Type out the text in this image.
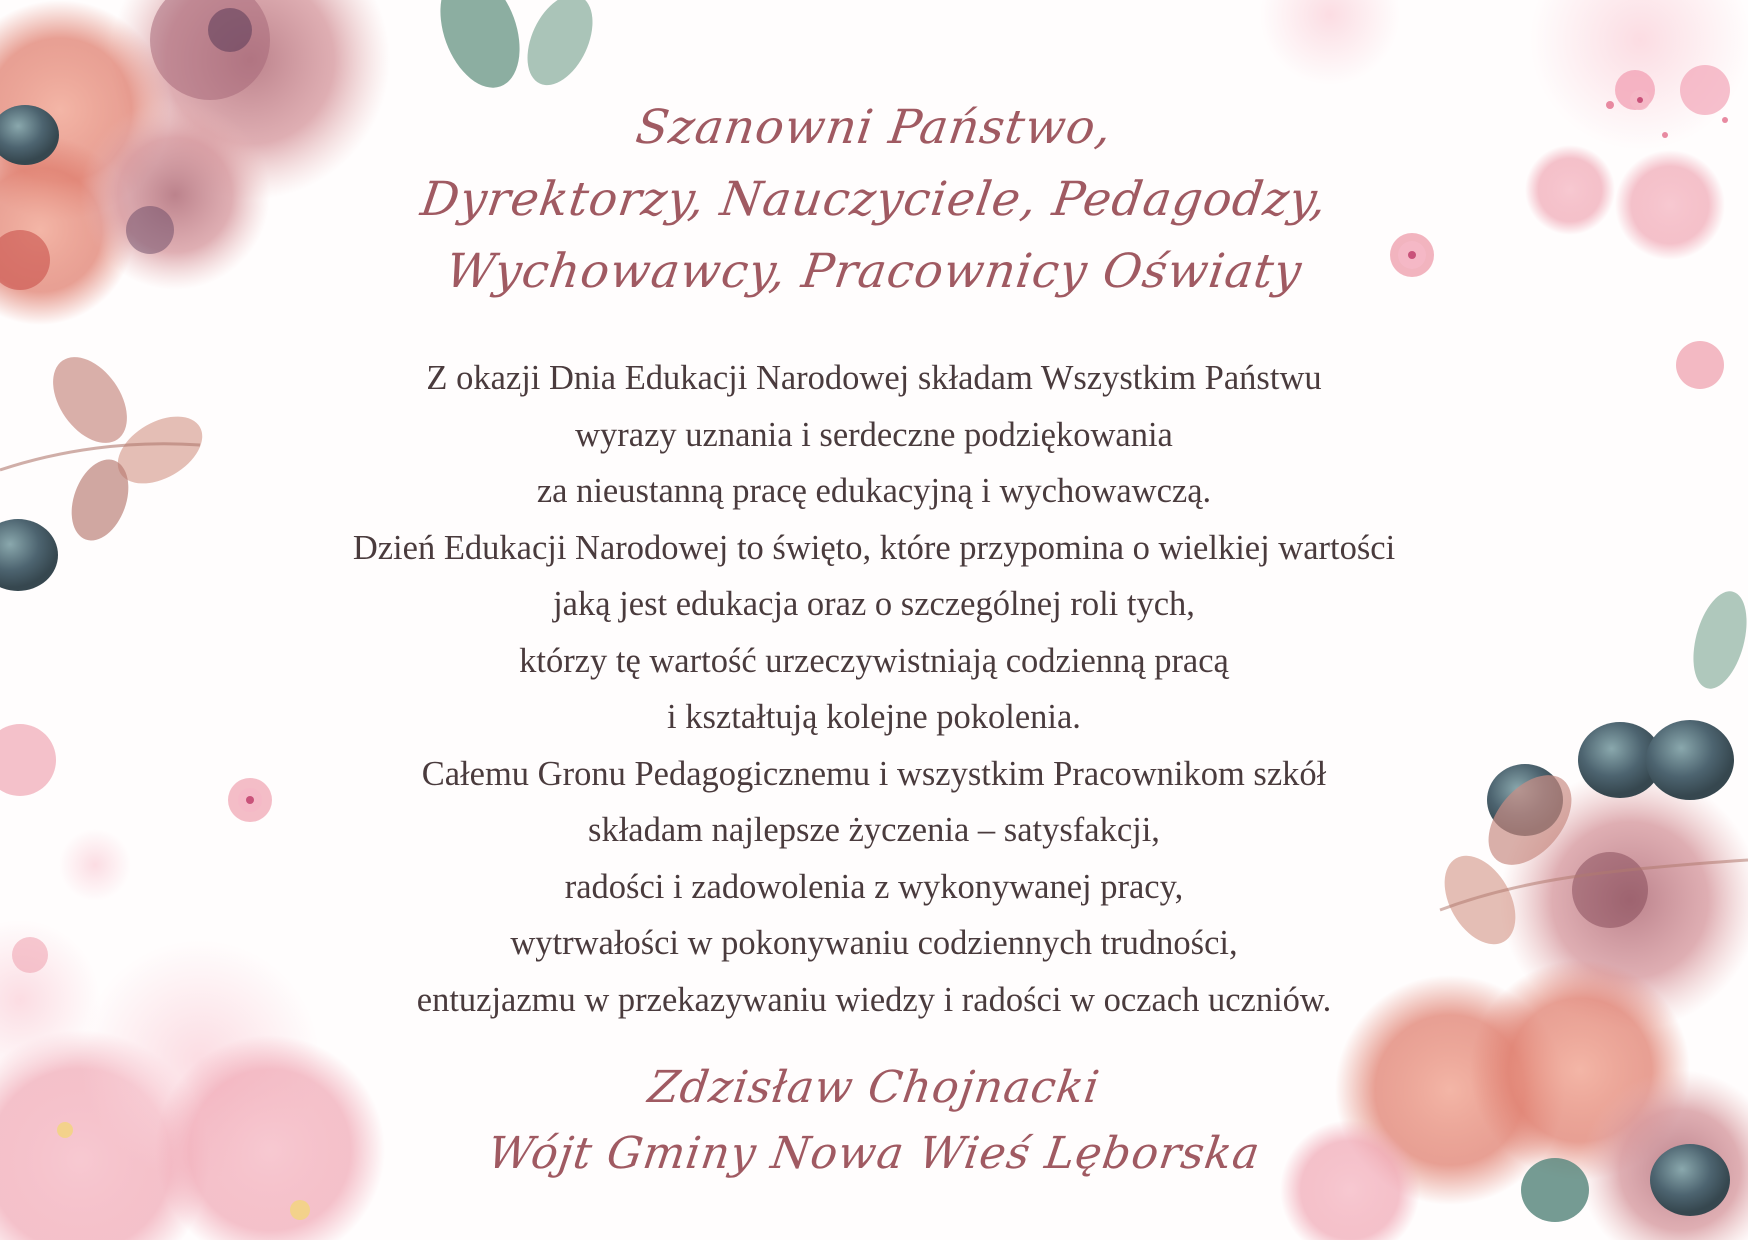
Szanowni Państwo,
Dyrektorzy, Nauczyciele, Pedagodzy,
Wychowawcy, Pracownicy Oświaty
Z okazji Dnia Edukacji Narodowej składam Wszystkim Państwu
wyrazy uznania i serdeczne podziękowania
za nieustanną pracę edukacyjną i wychowawczą.
Dzień Edukacji Narodowej to święto, które przypomina o wielkiej wartości
jaką jest edukacja oraz o szczególnej roli tych,
którzy tę wartość urzeczywistniają codzienną pracą
i kształtują kolejne pokolenia.
Całemu Gronu Pedagogicznemu i wszystkim Pracownikom szkół
składam najlepsze życzenia – satysfakcji,
radości i zadowolenia z wykonywanej pracy,
wytrwałości w pokonywaniu codziennych trudności,
entuzjazmu w przekazywaniu wiedzy i radości w oczach uczniów.
Zdzisław Chojnacki
Wójt Gminy Nowa Wieś Lęborska
